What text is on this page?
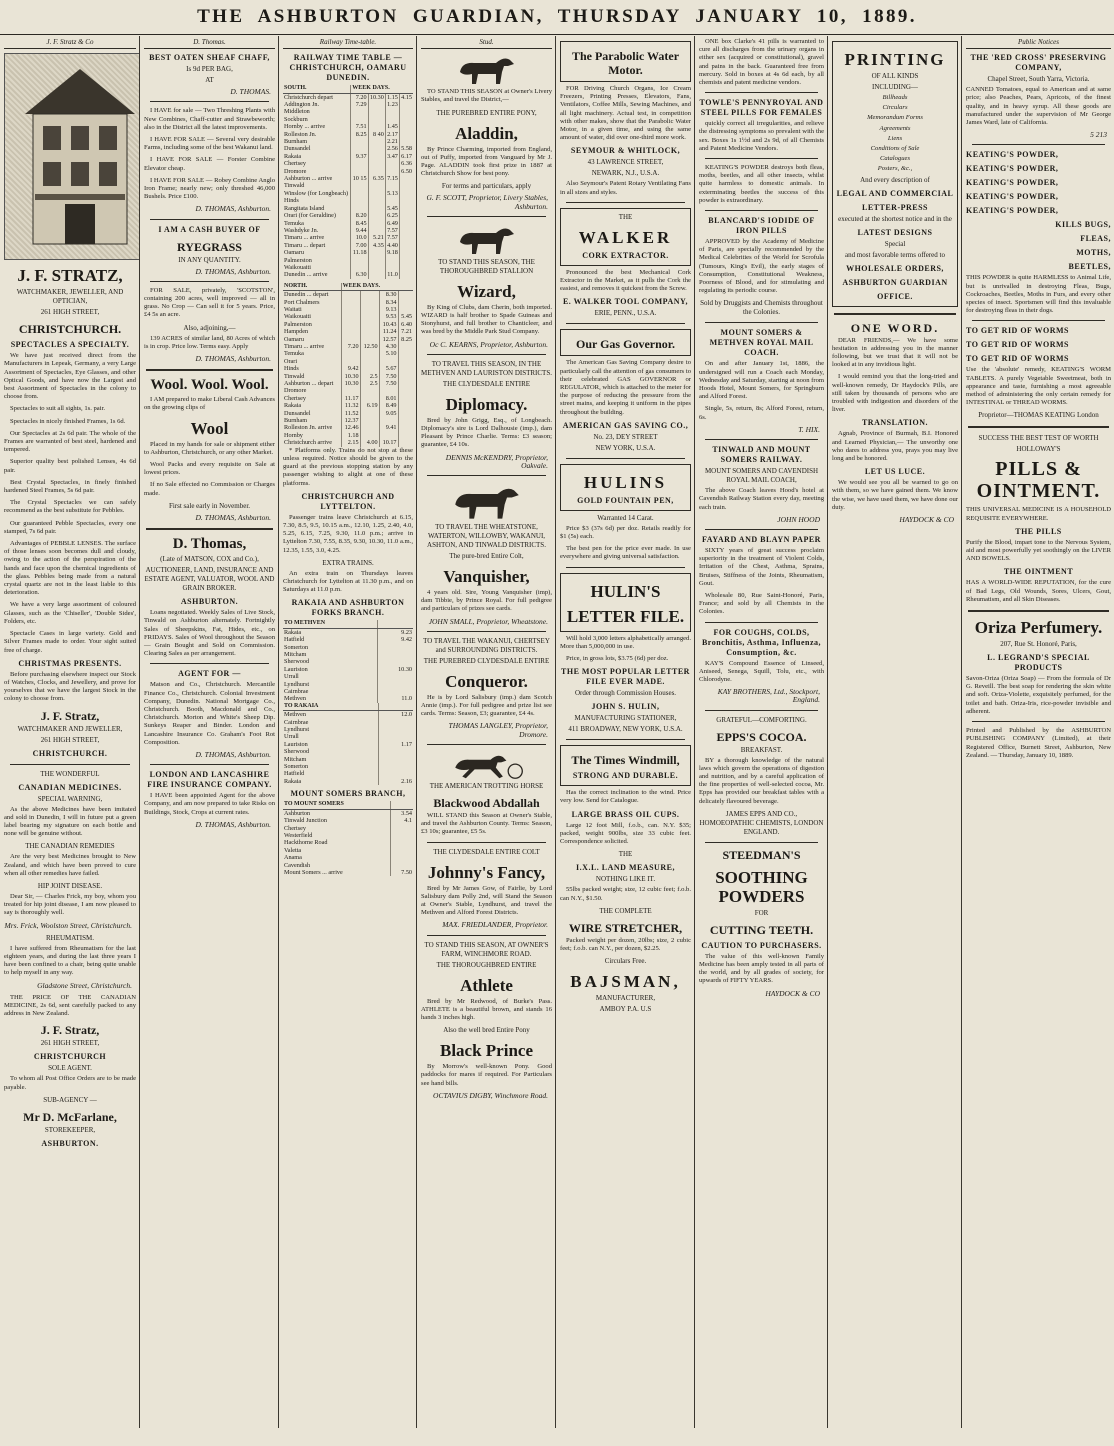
THE  ASHBURTON  GUARDIAN,  THURSDAY  JANUARY  10,  1889.
J. F. Stratz & Co
J. F. STRATZ,
WATCHMAKER, JEWELLER, AND OPTICIAN,
261 HIGH STREET,
CHRISTCHURCH.
SPECTACLES A SPECIALTY.

We have just received direct from the Manufacturers in Lepeak, Germany, a very Large Assortment of Spectacles, Eye Glasses, and other Optical Goods, and have now the Largest and best Assortment of Spectacles in the colony to choose from.

Spectacles to suit all sights, 1s. pair.

Spectacles in nicely finished Frames, 1s 6d.

Our Spectacles at 2s 6d pair. The whole of the Frames are warranted of best steel, hardened and tempered.

Superior quality best polished Lenses, 4s 6d pair.

Best Crystal Spectacles, in finely finished hardened Steel Frames, 5s 6d pair.

The Crystal Spectacles we can safely recommend as the best substitute for Pebbles.

Our guaranteed Pebble Spectacles, every one stamped, 7s 6d pair.

Advantages of PEBBLE LENSES. The surface of those lenses soon becomes dull and cloudy, owing to the action of the perspiration of the hands and face upon the chemical ingredients of the glass. Pebbles being made from a natural crystal quartz are not in the least liable to this deterioration.

We have a very large assortment of coloured Glasses, such as the 'Chiseller', 'Double Sides', Folders, etc.

Spectacle Cases in large variety. Gold and Silver Frames made to order. Your sight suited free of charge.

CHRISTMAS PRESENTS.

Before purchasing elsewhere inspect our Stock of Watches, Clocks, and Jewellery, and prove for yourselves that we have the largest Stock in the colony to choose from.

J. F. Stratz,
WATCHMAKER AND JEWELLER,
261 HIGH STREET,
CHRISTCHURCH.
THE WONDERFUL
CANADIAN MEDICINES.
SPECIAL WARNING,

As the above Medicines have been imitated and sold in Dunedin, I will in future put a green label bearing my signature on each bottle and none will be genuine without.

THE CANADIAN REMEDIES

Are the very best Medicines brought to New Zealand, and which have been proved to cure when all other remedies have failed.

HIP JOINT DISEASE.

Dear Sir, — Charles Frick, my boy, whom you treated for hip joint disease, I am now pleased to say is thoroughly well.

Mrs. Frick, Woolston Street, Christchurch.
RHEUMATISM.

I have suffered from Rheumatism for the last eighteen years, and during the last three years I have been confined to a chair, being quite unable to help myself in any way.

Gladstone Street, Christchurch.

THE PRICE OF THE CANADIAN MEDICINE, 2s 6d, sent carefully packed to any address in New Zealand.

J. F. Stratz,
261 HIGH STREET,
CHRISTCHURCH
SOLE AGENT.

To whom all Post Office Orders are to be made payable.

SUB-AGENCY —
Mr D. McFarlane,
STOREKEEPER,
ASHBURTON.
D. Thomas.
BEST OATEN SHEAF CHAFF,
Is 9d PER BAG,
AT
D. THOMAS.

I HAVE for sale — Two Threshing Plants with New Combines, Chaff-cutter and Strawbeworth; also in the District all the latest improvements.

I HAVE FOR SALE — Several very desirable Farms, including some of the best Wakanui land.

I HAVE FOR SALE — Forster Combine Elevator cheap.

I HAVE FOR SALE — Robey Combine Anglo Iron Frame; nearly new; only threshed 46,000 Bushels. Price £100.

D. THOMAS, Ashburton.
I AM A CASH BUYER OF
RYEGRASS
IN ANY QUANTITY.
D. THOMAS, Ashburton.

FOR SALE, privately, 'SCOTSTON', containing 200 acres, well improved — all in grass. No Crop — Can sell it for 5 years. Price, £4 5s an acre.

Also, adjoining,—

139 ACRES of similar land, 80 Acres of which is in crop. Price low. Terms easy. Apply

D. THOMAS, Ashburton.
Wool. Wool. Wool.

I AM prepared to make Liberal Cash Advances on the growing clips of

Wool

Placed in my hands for sale or shipment either to Ashburton, Christchurch, or any other Market.

Wool Packs and every requisite on Sale at lowest prices.

If no Sale effected no Commission or Charges made.

First sale early in November.
D. THOMAS, Ashburton.
D. Thomas,
(Late of MATSON, COX and Co.),
AUCTIONEER, LAND, INSURANCE AND ESTATE AGENT, VALUATOR, WOOL AND GRAIN BROKER.
ASHBURTON.

Loans negotiated. Weekly Sales of Live Stock, Tinwald on Ashburton alternately. Fortnightly Sales of Sheepskins, Fat, Hides, etc., on FRIDAYS. Sales of Wool throughout the Season — Grain Bought and Sold on Commission. Clearing Sales as per arrangement.

AGENT FOR —

Matson and Co., Christchurch. Mercantile Finance Co., Christchurch. Colonial Investment Company, Dunedin. National Mortgage Co., Christchurch. Booth, Macdonald and Co., Christchurch. Morton and White's Sheep Dip. Sunkeys Reaper and Binder. London and Lancashire Insurance Co. Graham's Foot Rot Composition.

D. THOMAS, Ashburton.
LONDON AND LANCASHIRE FIRE INSURANCE COMPANY.

I HAVE been appointed Agent for the above Company, and am now prepared to take Risks on Buildings, Stock, Crops at current rates.

D. THOMAS, Ashburton.
Railway Time-table.
RAILWAY TIME TABLE — CHRISTCHURCH, OAMARU DUNEDIN.
SOUTH.	WEEK DAYS.			
Christchurch depart	7.20	10.30	1.15	4.15
Addington Jn.	7.29		1.23	
Middleton				
Sockburn				
Hornby ... arrive	7.51		1.45	
Rolleston Jn.	8.25	8 40	2.17	
Burnham			2.21	
Dunsandel			2.56	5.58
Rakaia	9.37		3.47	6.17
Chertsey				6.36
Dromore				6.50
Ashburton ... arrive	10 15	6.35	7.15	
Tinwald				
Winslow (for Longbeach)			5.13	
Hinds				
Rangitata Island			5.45	
Orari (for Geraldine)	8.20		6.25	
Temuka	8.45		6.49	
Washdyke Jn.	9.44		7.57	
Timaru ... arrive	10.0	5.21	7.57	
Timaru ... depart	7.00	4.35	4.40	
Oamaru	11.18		9.18	
Palmerston				
Waikouaiti				
Dunedin ... arrive	6.30		11.0	
NORTH.	WEEK DAYS.			
Dunedin ... depart			8.30	
Port Chalmers			8.34	
Waitati			9.13	
Waikouaiti			9.53	5.45
Palmerston			10.43	6.40
Hampden			11.24	7.21
Oamaru			12.57	8.25
Timaru ... arrive	7.20	12.50	4.30	
Temuka			5.10	
Orari				
Hinds	9.42		5.67	
Tinwald	10.30	2.5	7.50	
Ashburton ... depart	10.30	2.5	7.50	
Dromore				
Chertsey	11.17		8.01	
Rakaia	11.32	6.19	8.49	
Dunsandel	11.52		9.05	
Burnham	12.37			
Rolleston Jn. arrive	12.46		9.41	
Hornby	1.18			
Christchurch arrive	2.15	4.00	10.17	

* Platforms only. Trains do not stop at these unless required. Notice should be given to the guard at the previous stopping station by any passenger wishing to alight at one of these platforms.

CHRISTCHURCH AND LYTTELTON.

Passenger trains leave Christchurch at 6.15, 7.30, 8.5, 9.5, 10.15 a.m., 12.10, 1.25, 2.40, 4.0, 5.25, 6.15, 7.25, 9.30, 11.0 p.m.; arrive in Lyttelton 7.30, 7.55, 8.35, 9.30, 10.30, 11.0 a.m., 12.35, 1.55, 3.0, 4.25.

EXTRA TRAINS.

An extra train on Thursdays leaves Christchurch for Lyttelton at 11.30 p.m., and on Saturdays at 11.0 p.m.

RAKAIA AND ASHBURTON FORKS BRANCH.
TO METHVEN	
Rakaia	9.23
Hatfield	9.42
Somerton	
Mitcham	
Sherwood	
Lauriston	10.30
Urrall	
Lyndhurst	
Cairnbrae	
Methven	11.0
TO RAKAIA	
Methven	12.0
Cairnbrae	
Lyndhurst	
Urrall	
Lauriston	1.17
Sherwood	
Mitcham	
Somerton	
Hatfield	
Rakaia	2.16
MOUNT SOMERS BRANCH,
TO MOUNT SOMERS	
Ashburton	3.54
Tinwald Junction	4.1
Chertsey	
Westerfield	
Hackthorne Road	
Valetta	
Anama	
Cavendish	
Mount Somers ... arrive	7.50
Stud.

TO STAND THIS SEASON at Owner's Livery Stables, and travel the District,—

THE PUREBRED ENTIRE PONY,
Aladdin,

By Prince Charming, imported from England, out of Puffy, imported from Vanguard by Mr J. Page. ALADDIN took first prize in 1887 at Christchurch Show for best pony.

For terms and particulars, apply
G. F. SCOTT, Proprietor, Livery Stables, Ashburton.
TO STAND THIS SEASON, THE THOROUGHBRED STALLION
Wizard,

By King of Clubs, dam Cherin, both imported. WIZARD is half brother to Spade Guineas and Stonyhurst, and full brother to Chanticleer, and was bred by the Middle Park Stud Company.

Oc C. KEARNS, Proprietor, Ashburton.
TO TRAVEL THIS SEASON, IN THE METHVEN AND LAURISTON DISTRICTS.
THE CLYDESDALE ENTIRE
Diplomacy.

Bred by John Grigg, Esq., of Longbeach. Diplomacy's sire is Lord Dalhousie (imp.), dam Pleasant by Prince Charlie. Terms: £3 season; guarantee, £4 10s.

DENNIS McKENDRY, Proprietor, Oakvale.
TO TRAVEL THE WHEATSTONE, WATERTON, WILLOWBY, WAKANUI, ASHTON, AND TINWALD DISTRICTS.
The pure-bred Entire Colt,
Vanquisher,

4 years old. Sire, Young Vanquisher (imp), dam Tibbie, by Prince Royal. For full pedigree and particulars of prizes see cards.

JOHN SMALL, Proprietor, Wheatstone.
TO TRAVEL THE WAKANUI, CHERTSEY and SURROUNDING DISTRICTS.
THE PUREBRED CLYDESDALE ENTIRE
Conqueror.

He is by Lord Salisbury (imp.) dam Scotch Annie (imp.). For full pedigree and prize list see cards. Terms: Season, £3; guarantee, £4 4s.

THOMAS LANGLEY, Proprietor, Dromore.
THE AMERICAN TROTTING HORSE
Blackwood Abdallah

WILL STAND this Season at Owner's Stable, and travel the Ashburton County. Terms: Season, £3 10s; guarantee, £5 5s.

THE CLYDESDALE ENTIRE COLT
Johnny's Fancy,

Bred by Mr James Gow, of Fairlie, by Lord Salisbury dam Polly 2nd, will Stand the Season at Owner's Stable, Lyndhurst, and travel the Methven and Alford Forest Districts.

MAX. FRIEDLANDER, Proprietor.
TO STAND THIS SEASON, AT OWNER'S FARM, WINCHMORE ROAD.
THE THOROUGHBRED ENTIRE
Athlete

Bred by Mr Redwood, of Burke's Pass. ATHLETE is a beautiful brown, and stands 16 hands 3 inches high.

Also the well bred Entire Pony
Black Prince

By Morrow's well-known Pony. Good paddocks for mares if required. For Particulars see hand bills.

OCTAVIUS DIGBY, Winchmore Road.
The Parabolic Water Motor.

FOR Driving Church Organs, Ice Cream Freezers, Printing Presses, Elevators, Fans, Ventilators, Coffee Mills, Sewing Machines, and all light machinery. Actual test, in competition with other makes, show that the Parabolic Water Motor, in a given time, and using the same amount of water, did over one-third more work.

SEYMOUR & WHITLOCK,
43 LAWRENCE STREET,
NEWARK, N.J., U.S.A.

Also Seymour's Patent Rotary Ventilating Fans in all sizes and styles.

THE
WALKER
CORK EXTRACTOR.

Pronounced the best Mechanical Cork Extractor in the Market, as it pulls the Cork the easiest, and removes it quickest from the Screw.

E. WALKER TOOL COMPANY,
ERIE, PENN., U.S.A.
Our Gas Governor.

The American Gas Saving Company desire to particularly call the attention of gas consumers to their celebrated GAS GOVERNOR or REGULATOR, which is attached to the meter for the purpose of reducing the pressure from the street mains, and keeping it uniform in the pipes throughout the building.

AMERICAN GAS SAVING CO.,
No. 23, DEY STREET
NEW YORK, U.S.A.
HULINS
GOLD FOUNTAIN PEN,
Warranted 14 Carat.

Price $3 (37s 6d) per doz. Retails readily for $1 (5s) each.

The best pen for the price ever made. In use everywhere and giving universal satisfaction.

HULIN'S
LETTER FILE.

Will hold 3,000 letters alphabetically arranged. More than 5,000,000 in use.

Price, in gross lots, $3.75 (6d) per doz.

THE MOST POPULAR LETTER FILE EVER MADE.
Order through Commission Houses.
JOHN S. HULIN,
MANUFACTURING STATIONER,
411 BROADWAY, NEW YORK, U.S.A.
The Times Windmill,
STRONG AND DURABLE.

Has the correct inclination to the wind. Price very low. Send for Catalogue.

LARGE BRASS OIL CUPS.

Large 12 foot Mill, f.o.b., can. N.Y. $35; packed, weight 900lbs, size 33 cubic feet. Correspondence solicited.

THE
I.X.L. LAND MEASURE,
NOTHING LIKE IT.

55lbs packed weight; size, 12 cubic feet; f.o.b. can N.Y., $1.50.

THE COMPLETE
WIRE STRETCHER,

Packed weight per dozen, 20lbs; size, 2 cubic feet; f.o.b. can N.Y., per dozen, $2.25.

Circulars Free.
BAJSMAN,
MANUFACTURER,
AMBOY P.A. U.S

ONE box Clarke's 41 pills is warranted to cure all discharges from the urinary organs in either sex (acquired or constitutional), gravel and pains in the back. Guaranteed free from mercury. Sold in boxes at 4s 6d each, by all chemists and patent medicine vendors.

TOWLE'S PENNYROYAL AND STEEL PILLS FOR FEMALES

quickly correct all irregularities, and relieve the distressing symptoms so prevalent with the sex. Boxes 1s 1½d and 2s 9d, of all Chemists and Patent Medicine Vendors.

KEATING'S POWDER destroys both fleas, moths, beetles, and all other insects, whilst quite harmless to domestic animals. In exterminating beetles the success of this powder is extraordinary.

BLANCARD'S IODIDE OF IRON PILLS

APPROVED by the Academy of Medicine of Paris, are specially recommended by the Medical Celebrities of the World for Scrofula (Tumours, King's Evil), the early stages of Consumption, Constitutional Weakness, Poorness of Blood, and for stimulating and regulating its periodic course.

Sold by Druggists and Chemists throughout the Colonies.
MOUNT SOMERS & METHVEN ROYAL MAIL COACH.

On and after January 1st, 1886, the undersigned will run a Coach each Monday, Wednesday and Saturday, starting at noon from Hoods Hotel, Mount Somers, for Springburn and Alford Forest.

Single, 5s, return, 8s; Alford Forest, return, 6s.

T. HIX.
TINWALD AND MOUNT SOMERS RAILWAY.
MOUNT SOMERS AND CAVENDISH ROYAL MAIL COACH,

The above Coach leaves Hood's hotel at Cavendish Railway Station every day, meeting each train.

JOHN HOOD
FAYARD AND BLAYN PAPER

SIXTY years of great success proclaim superiority in the treatment of Violent Colds, Irritation of the Chest, Asthma, Sprains, Bruises, Stiffness of the Joints, Rheumatism, Gout.

Wholesale 80, Rue Saint-Honoré, Paris, France; and sold by all Chemists in the Colonies.

FOR COUGHS, COLDS, Bronchitis, Asthma, Influenza, Consumption, &c.

KAY'S Compound Essence of Linseed, Aniseed, Senega, Squill, Tolu, etc., with Chlorodyne.

KAY BROTHERS, Ltd., Stockport, England.
GRATEFUL—COMFORTING.
EPPS'S COCOA.
BREAKFAST.

BY a thorough knowledge of the natural laws which govern the operations of digestion and nutrition, and by a careful application of the fine properties of well-selected cocoa, Mr. Epps has provided our breakfast tables with a delicately flavoured beverage.

JAMES EPPS AND CO., HOMOEOPATHIC CHEMISTS, LONDON ENGLAND.
STEEDMAN'S
SOOTHING POWDERS
FOR
CUTTING TEETH.
CAUTION TO PURCHASERS.

The value of this well-known Family Medicine has been amply tested in all parts of the world, and by all grades of society, for upwards of FIFTY YEARS.

HAYDOCK & CO
PRINTING
OF ALL KINDS
INCLUDING—

Billheads

Circulars

Memorandum Forms

Agreements

Liens

Conditions of Sale

Catalogues

Posters, &c.,

And every description of
LEGAL AND COMMERCIAL
LETTER-PRESS
executed at the shortest notice and in the
LATEST DESIGNS
Special
and most favorable terms offered to
WHOLESALE ORDERS,
ASHBURTON GUARDIAN
OFFICE.
ONE WORD.

DEAR FRIENDS,— We have some hesitation in addressing you in the manner following, but we trust that it will not be looked at in any invidious light.

I would remind you that the long-tried and well-known remedy, Dr Haydock's Pills, are still taken by thousands of persons who are troubled with indigestion and disorders of the liver.

TRANSLATION.

Agnab, Province of Burmah, B.I. Honored and Learned Physician,— The unworthy one who dares to address you, prays you may live long and be honored.

LET US LUCE.

We would see you all be warned to go on with them, so we have gained them. We know the wise, we have used them, we have done our duty.

HAYDOCK & CO
Public Notices
THE 'RED CROSS' PRESERVING COMPANY,
Chapel Street, South Yarra, Victoria.

CANNED Tomatoes, equal to American and at same price; also Peaches, Pears, Apricots, of the finest quality, and in heavy syrup. All these goods are manufactured under the supervision of Mr George James Ward, late of California.

5 213
KEATING'S POWDER,
KEATING'S POWDER,
KEATING'S POWDER,
KEATING'S POWDER,
KEATING'S POWDER,
KILLS BUGS,
FLEAS,
MOTHS,
BEETLES,

THIS POWDER is quite HARMLESS to Animal Life, but is unrivalled in destroying Fleas, Bugs, Cockroaches, Beetles, Moths in Furs, and every other species of insect. Sportsmen will find this invaluable for destroying fleas in their dogs.

TO GET RID OF WORMS
TO GET RID OF WORMS
TO GET RID OF WORMS

Use the 'absolute' remedy, KEATING'S WORM TABLETS. A purely Vegetable Sweetmeat, both in appearance and taste, furnishing a most agreeable method of administering the only certain remedy for INTESTINAL or THREAD WORMS.

Proprietor—THOMAS KEATING London
SUCCESS THE BEST TEST OF WORTH
HOLLOWAY'S
PILLS & OINTMENT.

THIS UNIVERSAL MEDICINE IS A HOUSEHOLD REQUISITE EVERYWHERE.

THE PILLS

Purify the Blood, impart tone to the Nervous System, aid and most powerfully yet soothingly on the LIVER AND BOWELS.

THE OINTMENT

HAS A WORLD-WIDE REPUTATION, for the cure of Bad Legs, Old Wounds, Sores, Ulcers, Gout, Rheumatism, and all Skin Diseases.

Oriza Perfumery.
207, Rue St. Honoré, Paris,
L. LEGRAND'S SPECIAL PRODUCTS

Savon-Oriza (Oriza Soap) — From the formula of Dr G. Reveill. The best soap for rendering the skin white and soft. Oriza-Violette, exquisitely perfumed, for the toilet and bath. Oriza-Iris, rice-powder invisible and adherent.

Printed and Published by the ASHBURTON PUBLISHING COMPANY (Limited), at their Registered Office, Burnett Street, Ashburton, New Zealand. — Thursday, January 10, 1889.
